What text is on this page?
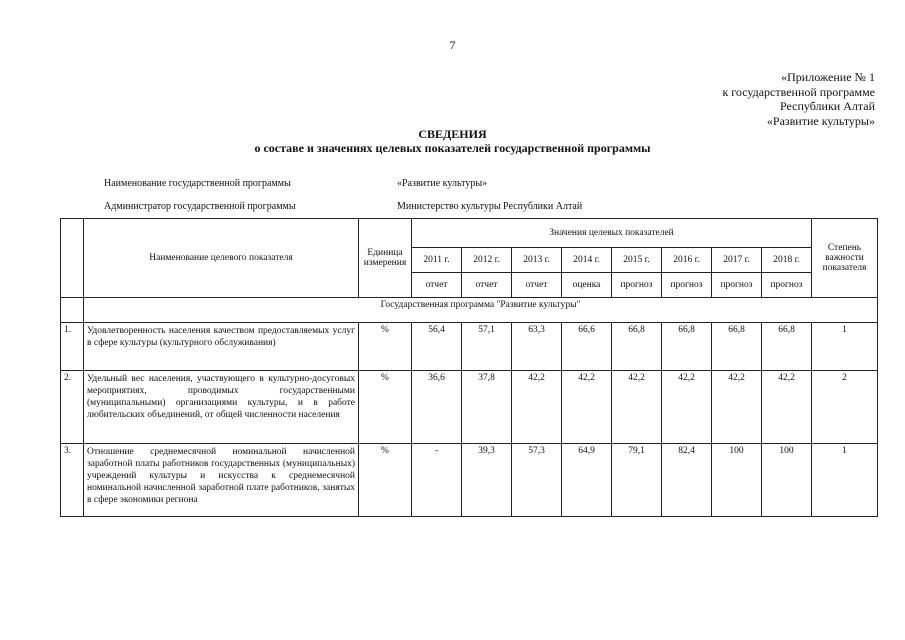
7
«Приложение № 1
к государственной программе
Республики Алтай
«Развитие культуры»
СВЕДЕНИЯ
о составе и значениях целевых показателей государственной программы
Наименование государственной программы	«Развитие культуры»
Администратор государственной программы	Министерство культуры Республики Алтай
	Наименование целевого показателя	Единица измерения	Значения целевых показателей								Степень важности показателя
			2011 г.	2012 г.	2013 г.	2014 г.	2015 г.	2016 г.	2017 г.	2018 г.	
			отчет	отчет	отчет	оценка	прогноз	прогноз	прогноз	прогноз	
	Государственная программа "Развитие культуры"										
1.	Удовлетворенность населения качеством предоставляемых услуг в сфере культуры (культурного обслуживания)	%	56,4	57,1	63,3	66,6	66,8	66,8	66,8	66,8	1
2.	Удельный вес населения, участвующего в культурно-досуговых мероприятиях, проводимых государственными (муниципальными) организациями культуры, и в работе любительских объединений, от общей численности населения	%	36,6	37,8	42,2	42,2	42,2	42,2	42,2	42,2	2
3.	Отношение среднемесячной номинальной начисленной заработной платы работников государственных (муниципальных) учреждений культуры и искусства к среднемесячной номинальной начисленной заработной плате работников, занятых в сфере экономики региона	%	-	39,3	57,3	64,9	79,1	82,4	100	100	1
